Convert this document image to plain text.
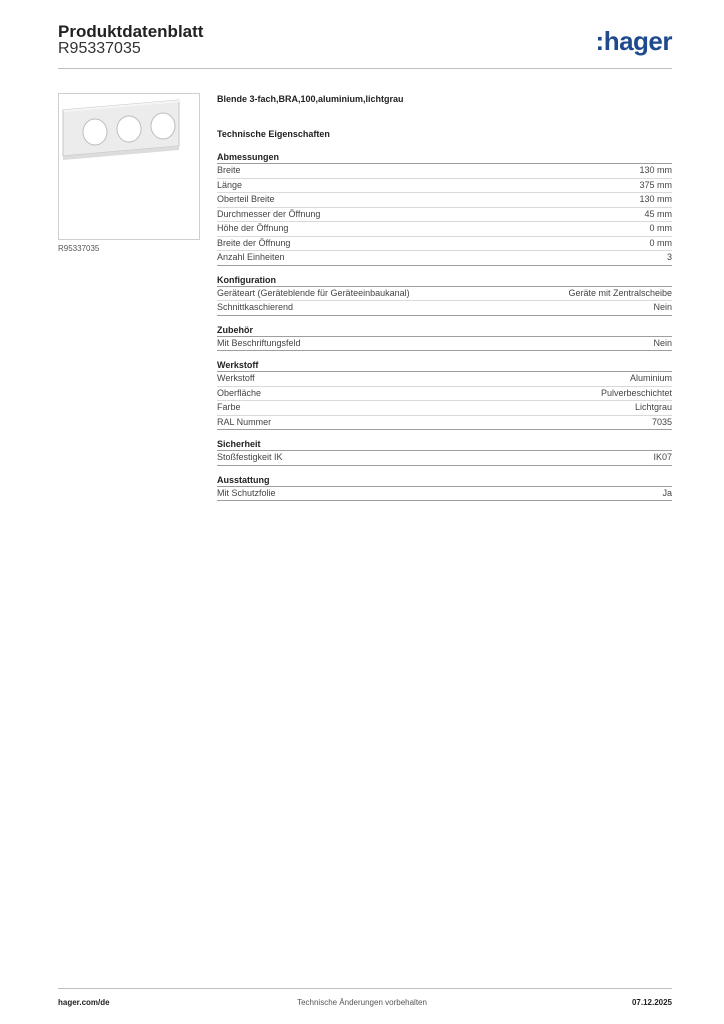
Produktdatenblatt
R95337035	:hager
R95337035
Blende 3-fach,BRA,100,aluminium,lichtgrau
Technische Eigenschaften
Abmessungen
Breite	130 mm
Länge	375 mm
Oberteil Breite	130 mm
Durchmesser der Öffnung	45 mm
Höhe der Öffnung	0 mm
Breite der Öffnung	0 mm
Anzahl Einheiten	3
Konfiguration
Geräteart (Geräteblende für Geräteeinbaukanal)	Geräte mit Zentralscheibe
Schnittkaschierend	Nein
Zubehör
Mit Beschriftungsfeld	Nein
Werkstoff
Werkstoff	Aluminium
Oberfläche	Pulverbeschichtet
Farbe	Lichtgrau
RAL Nummer	7035
Sicherheit
Stoßfestigkeit IK	IK07
Ausstattung
Mit Schutzfolie	Ja
hager.com/de	Technische Änderungen vorbehalten	07.12.2025
